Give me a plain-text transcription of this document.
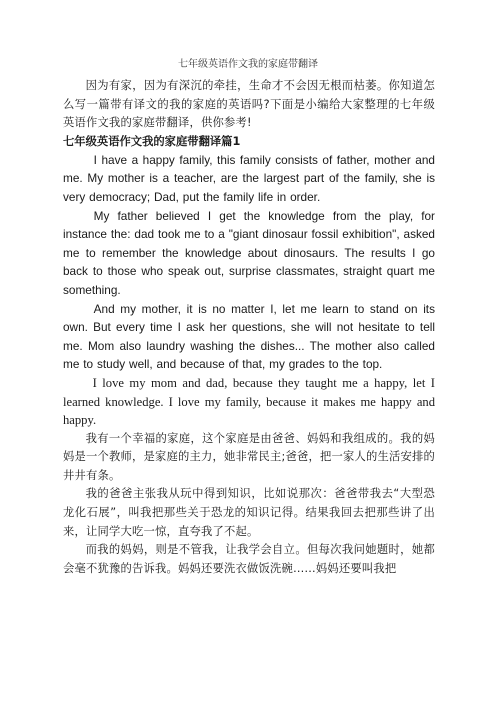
七年级英语作文我的家庭带翻译

因为有家，因为有深沉的牵挂，生命才不会因无根而枯萎。你知道怎么写一篇带有译文的我的家庭的英语吗?下面是小编给大家整理的七年级英语作文我的家庭带翻译，供你参考!

七年级英语作文我的家庭带翻译篇1

I have a happy family, this family consists of father, mother and me. My mother is a teacher, are the largest part of the family, she is very democracy; Dad, put the family life in order.

My father believed I get the knowledge from the play, for instance the: dad took me to a "giant dinosaur fossil exhibition", asked me to remember the knowledge about dinosaurs. The results I go back to those who speak out, surprise classmates, straight quart me something.

And my mother, it is no matter I, let me learn to stand on its own. But every time I ask her questions, she will not hesitate to tell me. Mom also laundry washing the dishes... The mother also called me to study well, and because of that, my grades to the top.

I love my mom and dad, because they taught me a happy, let I learned knowledge. I love my family, because it makes me happy and happy.

我有一个幸福的家庭，这个家庭是由爸爸、妈妈和我组成的。我的妈妈是一个教师，是家庭的主力，她非常民主;爸爸，把一家人的生活安排的井井有条。

我的爸爸主张我从玩中得到知识，比如说那次：爸爸带我去“大型恐龙化石展”，叫我把那些关于恐龙的知识记得。结果我回去把那些讲了出来，让同学大吃一惊，直夸我了不起。

而我的妈妈，则是不管我，让我学会自立。但每次我问她题时，她都会毫不犹豫的告诉我。妈妈还要洗衣做饭洗碗……妈妈还要叫我把
